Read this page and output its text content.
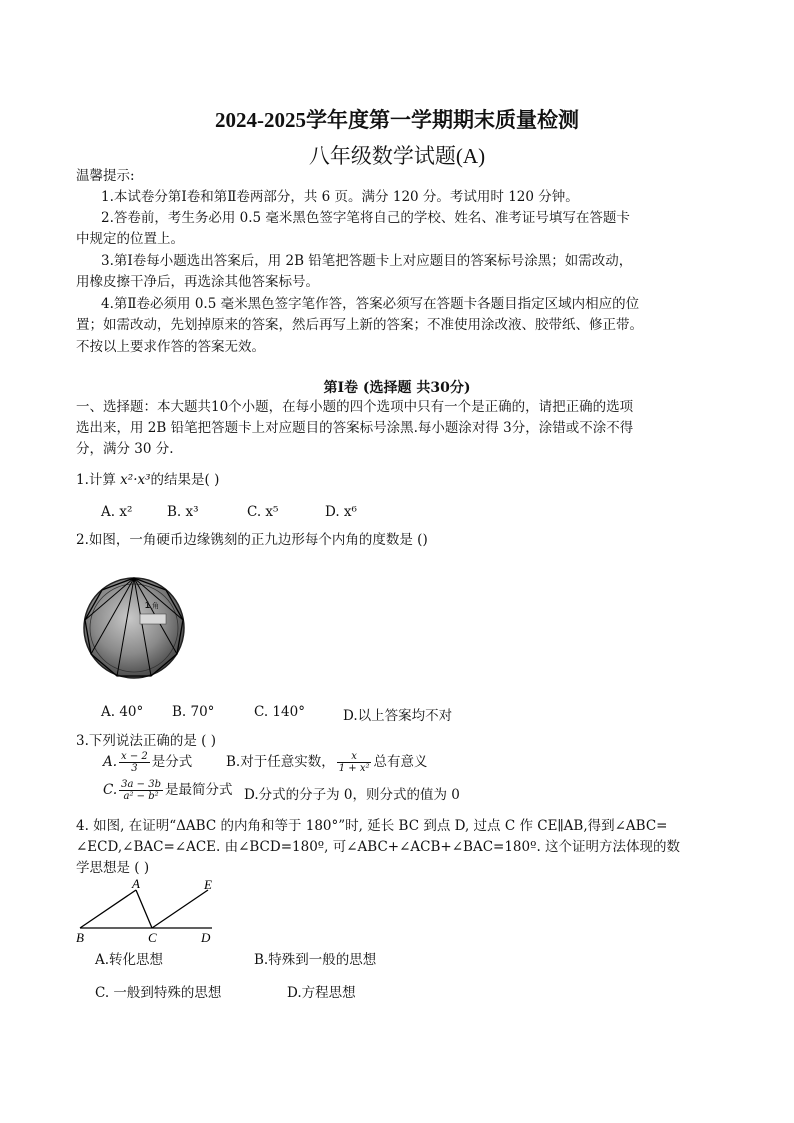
2024-2025学年度第一学期期末质量检测
八年级数学试题(A)
温馨提示:
1.本试卷分第Ⅰ卷和第Ⅱ卷两部分，共 6 页。满分 120 分。考试用时 120 分钟。
2.答卷前，考生务必用 0.5 毫米黑色签字笔将自己的学校、姓名、准考证号填写在答题卡
中规定的位置上。
3.第Ⅰ卷每小题选出答案后，用 2B 铅笔把答题卡上对应题目的答案标号涂黑；如需改动，
用橡皮擦干净后，再选涂其他答案标号。
4.第Ⅱ卷必须用 0.5 毫米黑色签字笔作答，答案必须写在答题卡各题目指定区域内相应的位
置；如需改动，先划掉原来的答案，然后再写上新的答案；不准使用涂改液、胶带纸、修正带。
不按以上要求作答的答案无效。
第Ⅰ卷 (选择题 共30分)
一、选择题：本大题共10个小题，在每小题的四个选项中只有一个是正确的，请把正确的选项
选出来，用 2B 铅笔把答题卡上对应题目的答案标号涂黑.每小题涂对得 3分，涂错或不涂不得
分，满分 30 分.
1.计算 x²·x³的结果是( )
A. x²	B. x³	C. x⁵	D. x⁶
2.如图，一角硬币边缘镌刻的正九边形每个内角的度数是 ()
1 角
A. 40° B. 70°	C. 140°	D.以上答案均不对
3.下列说法正确的是 ( )
A. $\frac{x - 2}{3}$ 是分式 B.对于任意实数， $\frac{x}{\text{1 + x²}}$ 总有意义
C. $\frac{3a - 3b}{\text{a² − b²}}$ 是最简分式 D.分式的分子为 0，则分式的值为 0
4. 如图, 在证明“ΔABC 的内角和等于 180°”时, 延长 BC 到点 D, 过点 C 作 CE∥AB,得到∠ABC=
∠ECD,∠BAC=∠ACE. 由∠BCD=180º, 可∠ABC+∠ACB+∠BAC=180º. 这个证明方法体现的数
学思想是 ( )
A
B	C	D
E
A.转化思想	B.特殊到一般的思想
C. 一般到特殊的思想	D.方程思想
